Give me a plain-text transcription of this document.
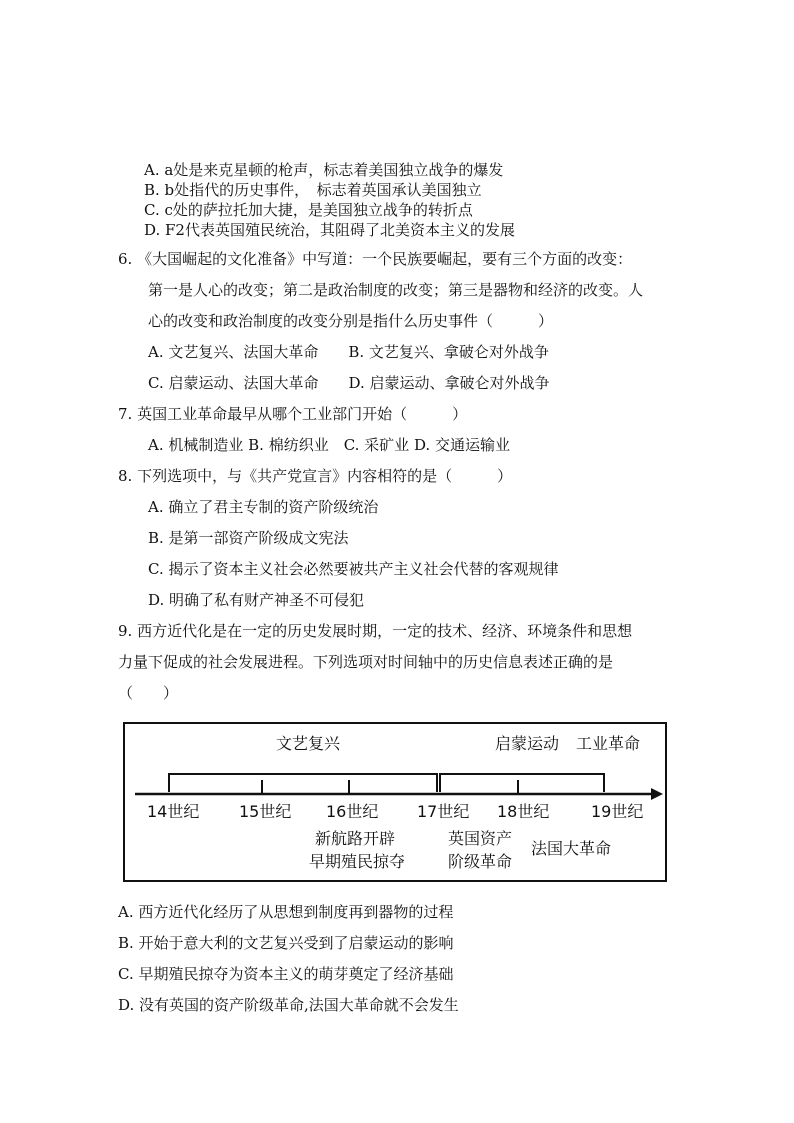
A. a处是来克星顿的枪声，标志着美国独立战争的爆发
B. b处指代的历史事件，　标志着英国承认美国独立
C. c处的萨拉托加大捷，是美国独立战争的转折点
D. F2代表英国殖民统治，其阻碍了北美资本主义的发展
6. 《大国崛起的文化准备》中写道：一个民族要崛起，要有三个方面的改变：
第一是人心的改变；第二是政治制度的改变；第三是器物和经济的改变。人
心的改变和政治制度的改变分别是指什么历史事件（　　　）
A. 文艺复兴、法国大革命　　B. 文艺复兴、拿破仑对外战争
C. 启蒙运动、法国大革命　　D. 启蒙运动、拿破仑对外战争
7. 英国工业革命最早从哪个工业部门开始（　　　）
A. 机械制造业 B. 棉纺织业　C. 采矿业 D. 交通运输业
8. 下列选项中，与《共产党宣言》内容相符的是（　　　）
A. 确立了君主专制的资产阶级统治
B. 是第一部资产阶级成文宪法
C. 揭示了资本主义社会必然要被共产主义社会代替的客观规律
D. 明确了私有财产神圣不可侵犯
9. 西方近代化是在一定的历史发展时期，一定的技术、经济、环境条件和思想
力量下促成的社会发展进程。下列选项对时间轴中的历史信息表述正确的是
（　　）
文艺复兴	启蒙运动 工业革命
14世纪 15世纪 16世纪 17世纪 18世纪	19世纪
新航路开辟
早期殖民掠夺
英国资产
阶级革命
法国大革命
A. 西方近代化经历了从思想到制度再到器物的过程
B. 开始于意大利的文艺复兴受到了启蒙运动的影响
C. 早期殖民掠夺为资本主义的萌芽奠定了经济基础
D. 没有英国的资产阶级革命,法国大革命就不会发生
